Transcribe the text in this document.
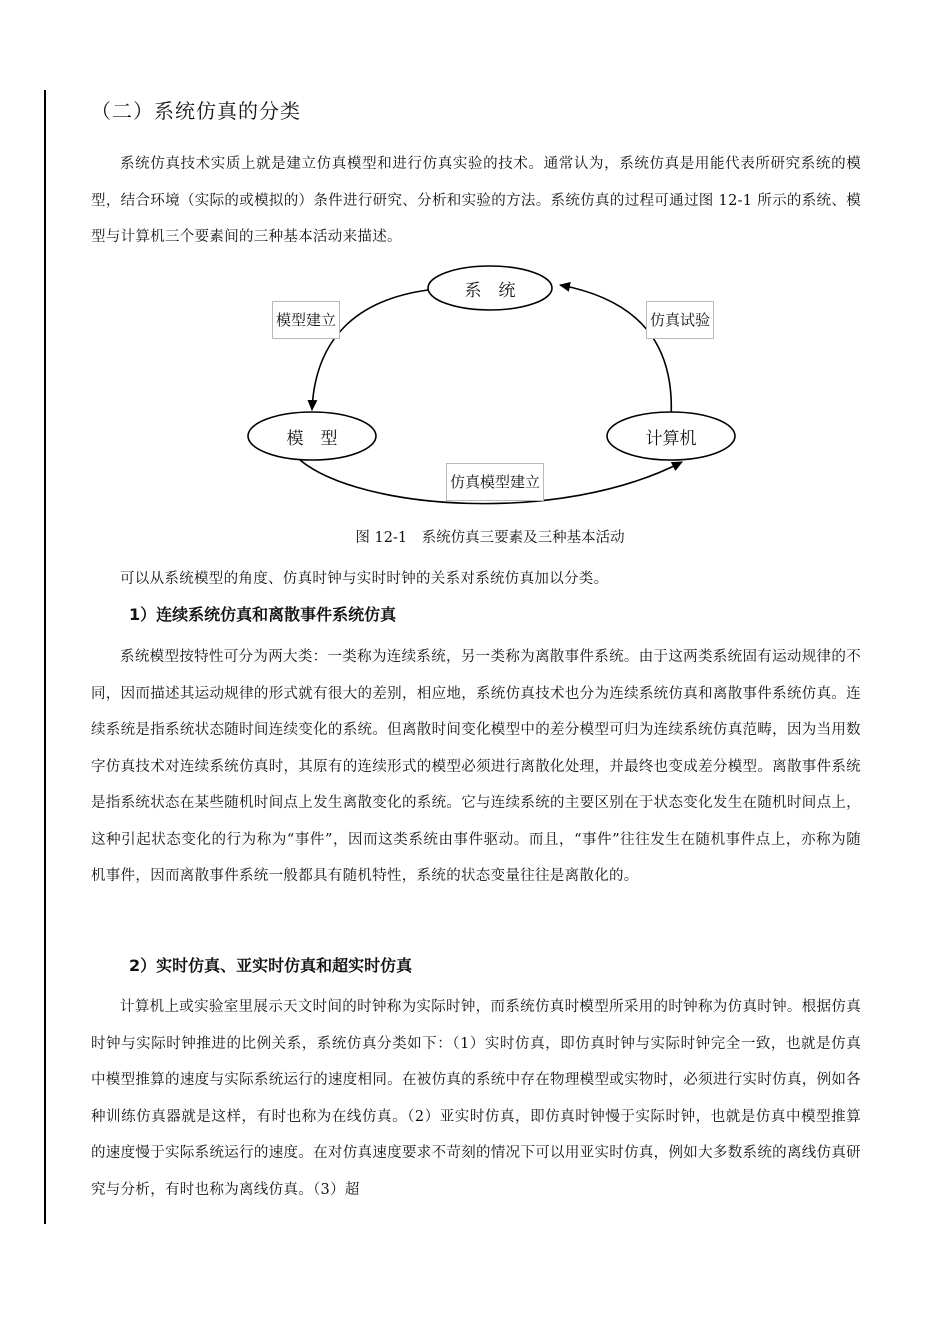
（二）系统仿真的分类

系统仿真技术实质上就是建立仿真模型和进行仿真实验的技术。通常认为，系统仿真是用能代表所研究系统的模型，结合环境（实际的或模拟的）条件进行研究、分析和实验的方法。系统仿真的过程可通过图 12-1 所示的系统、模型与计算机三个要素间的三种基本活动来描述。

系　统
模　型	计算机
模型建立	仿真试验
仿真模型建立
图 12-1　系统仿真三要素及三种基本活动

可以从系统模型的角度、仿真时钟与实时时钟的关系对系统仿真加以分类。

1）连续系统仿真和离散事件系统仿真

系统模型按特性可分为两大类：一类称为连续系统，另一类称为离散事件系统。由于这两类系统固有运动规律的不同，因而描述其运动规律的形式就有很大的差别，相应地，系统仿真技术也分为连续系统仿真和离散事件系统仿真。连续系统是指系统状态随时间连续变化的系统。但离散时间变化模型中的差分模型可归为连续系统仿真范畴，因为当用数字仿真技术对连续系统仿真时，其原有的连续形式的模型必须进行离散化处理，并最终也变成差分模型。离散事件系统是指系统状态在某些随机时间点上发生离散变化的系统。它与连续系统的主要区别在于状态变化发生在随机时间点上，这种引起状态变化的行为称为“事件”，因而这类系统由事件驱动。而且，“事件”往往发生在随机事件点上，亦称为随机事件，因而离散事件系统一般都具有随机特性，系统的状态变量往往是离散化的。

2）实时仿真、亚实时仿真和超实时仿真

计算机上或实验室里展示天文时间的时钟称为实际时钟，而系统仿真时模型所采用的时钟称为仿真时钟。根据仿真时钟与实际时钟推进的比例关系，系统仿真分类如下：（1）实时仿真，即仿真时钟与实际时钟完全一致，也就是仿真中模型推算的速度与实际系统运行的速度相同。在被仿真的系统中存在物理模型或实物时，必须进行实时仿真，例如各种训练仿真器就是这样，有时也称为在线仿真。（2）亚实时仿真，即仿真时钟慢于实际时钟，也就是仿真中模型推算的速度慢于实际系统运行的速度。在对仿真速度要求不苛刻的情况下可以用亚实时仿真，例如大多数系统的离线仿真研究与分析，有时也称为离线仿真。（3）超
